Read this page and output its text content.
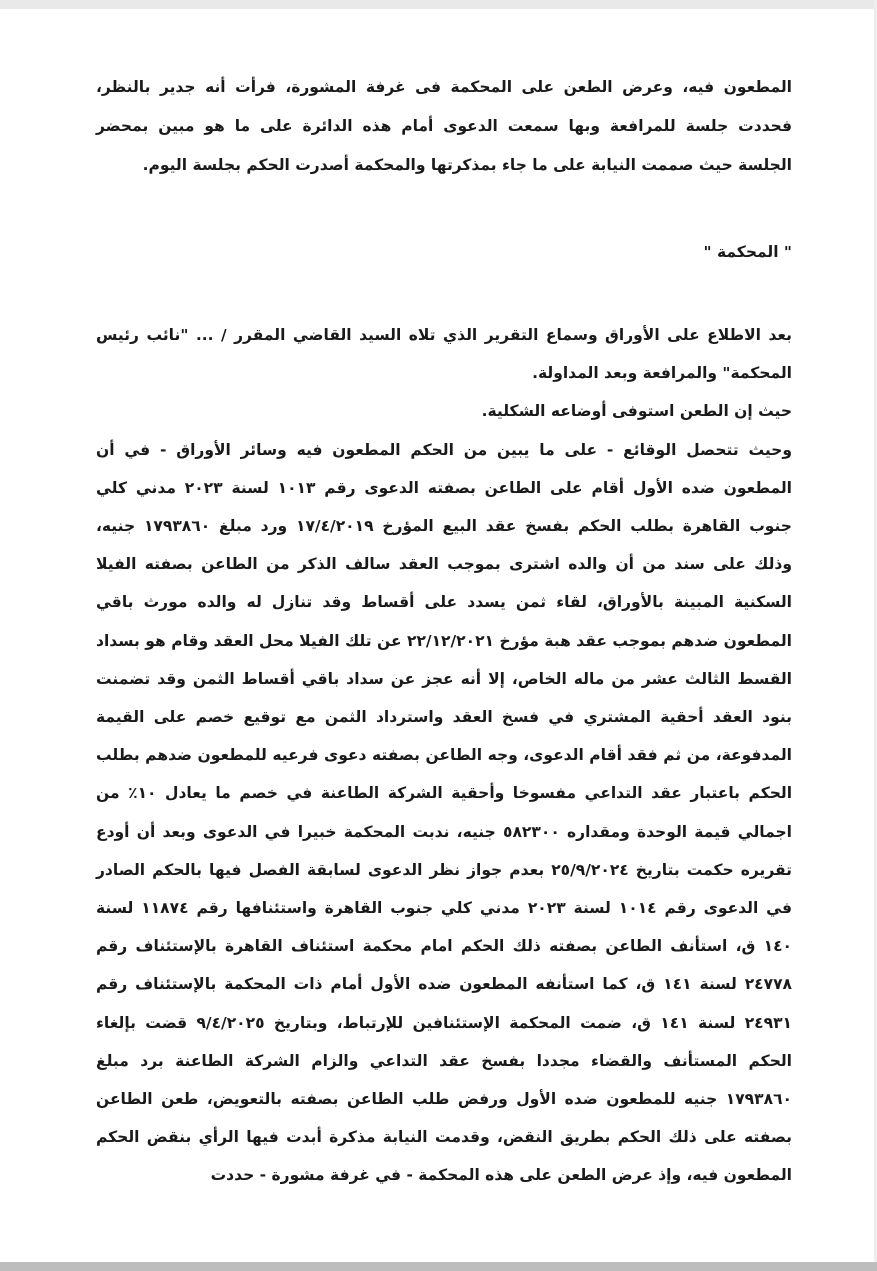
المطعون فيه، وعرض الطعن على المحكمة فى غرفة المشورة، فرأت أنه جدير بالنظر، فحددت جلسة للمرافعة وبها سمعت الدعوى أمام هذه الدائرة على ما هو مبين بمحضر الجلسة حيث صممت النيابة على ما جاء بمذكرتها والمحكمة أصدرت الحكم بجلسة اليوم.

" المحكمة "

بعد الاطلاع على الأوراق وسماع التقرير الذي تلاه السيد القاضي المقرر / ... "نائب رئيس المحكمة" والمرافعة وبعد المداولة.
حيث إن الطعن استوفى أوضاعه الشكلية.
وحيث تتحصل الوقائع - على ما يبين من الحكم المطعون فيه وسائر الأوراق - في أن المطعون ضده الأول أقام على الطاعن بصفته الدعوى رقم ١٠١٣ لسنة ٢٠٢٣ مدني كلي جنوب القاهرة بطلب الحكم بفسخ عقد البيع المؤرخ ١٧/٤/٢٠١٩ ورد مبلغ ١٧٩٣٨٦٠ جنيه، وذلك على سند من أن والده اشترى بموجب العقد سالف الذكر من الطاعن بصفته الفيلا السكنية المبينة بالأوراق، لقاء ثمن يسدد على أقساط وقد تنازل له والده مورث باقي المطعون ضدهم بموجب عقد هبة مؤرخ ٢٢/١٢/٢٠٢١ عن تلك الفيلا محل العقد وقام هو بسداد القسط الثالث عشر من ماله الخاص، إلا أنه عجز عن سداد باقي أقساط الثمن وقد تضمنت بنود العقد أحقية المشتري في فسخ العقد واسترداد الثمن مع توقيع خصم على القيمة المدفوعة، من ثم فقد أقام الدعوى، وجه الطاعن بصفته دعوى فرعيه للمطعون ضدهم بطلب الحكم باعتبار عقد التداعي مفسوخا وأحقية الشركة الطاعنة في خصم ما يعادل ١٠٪ من اجمالي قيمة الوحدة ومقداره ٥٨٢٣٠٠ جنيه، ندبت المحكمة خبيرا في الدعوى وبعد أن أودع تقريره حكمت بتاريخ ٢٥/٩/٢٠٢٤ بعدم جواز نظر الدعوى لسابقة الفصل فيها بالحكم الصادر في الدعوى رقم ١٠١٤ لسنة ٢٠٢٣ مدني كلي جنوب القاهرة واستئنافها رقم ١١٨٧٤ لسنة ١٤٠ ق، استأنف الطاعن بصفته ذلك الحكم امام محكمة استئناف القاهرة بالإستئناف رقم ٢٤٧٧٨ لسنة ١٤١ ق، كما استأنفه المطعون ضده الأول أمام ذات المحكمة بالإستئناف رقم ٢٤٩٣١ لسنة ١٤١ ق، ضمت المحكمة الإستئنافين للإرتباط، وبتاريخ ٩/٤/٢٠٢٥ قضت بإلغاء الحكم المستأنف والقضاء مجددا بفسخ عقد التداعي والزام الشركة الطاعنة برد مبلغ ١٧٩٣٨٦٠ جنيه للمطعون ضده الأول ورفض طلب الطاعن بصفته بالتعويض، طعن الطاعن بصفته على ذلك الحكم بطريق النقض، وقدمت النيابة مذكرة أبدت فيها الرأي بنقض الحكم المطعون فيه، وإذ عرض الطعن على هذه المحكمة - في غرفة مشورة - حددت
